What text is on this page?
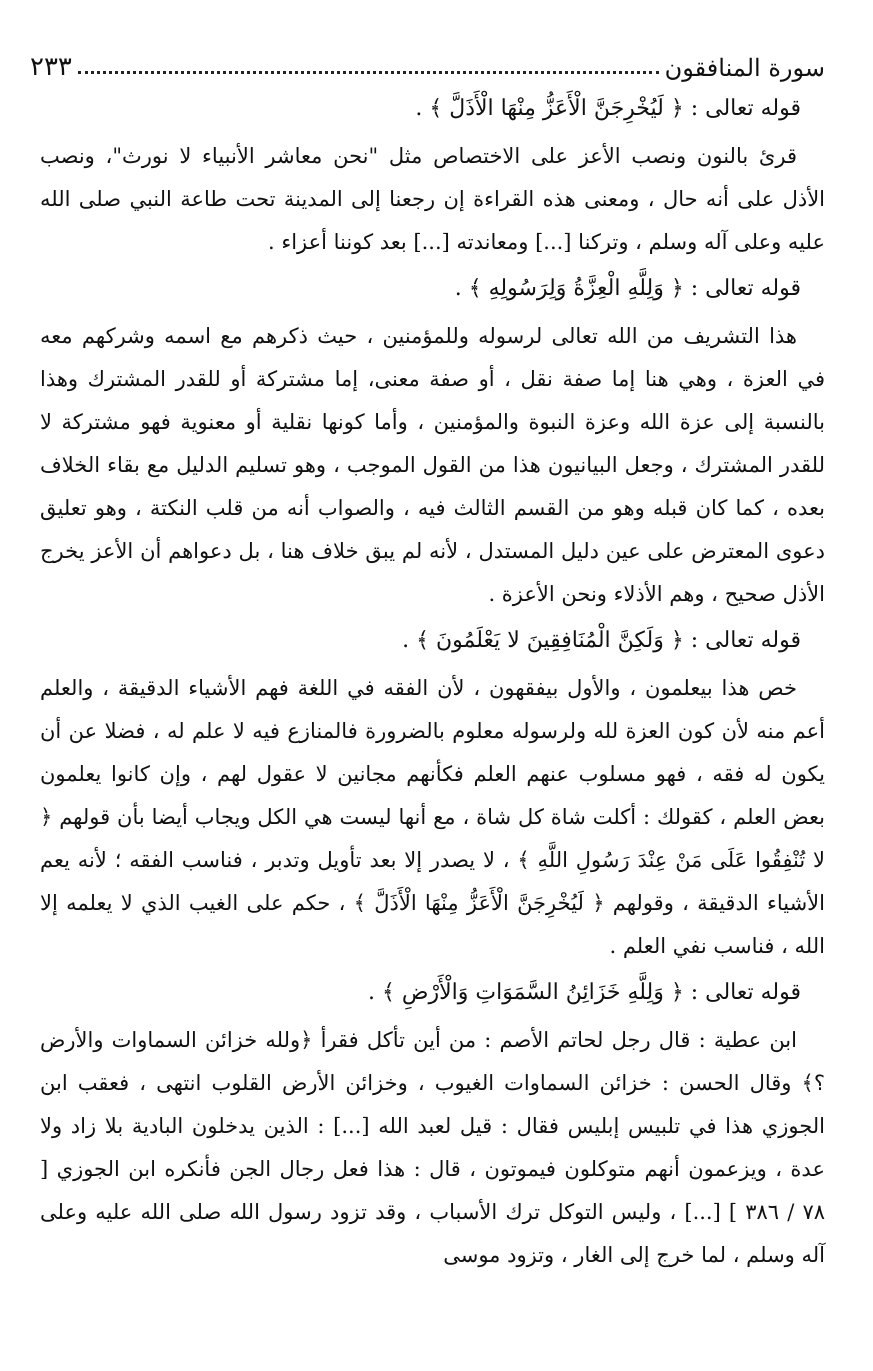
سورة المنافقون
٢٣٣
قوله تعالى : ﴿ لَيُخْرِجَنَّ الْأَعَزُّ مِنْهَا الْأَذَلَّ ﴾ .

قرئ بالنون ونصب الأعز على الاختصاص مثل "نحن معاشر الأنبياء لا نورث"، ونصب الأذل على أنه حال ، ومعنى هذه القراءة إن رجعنا إلى المدينة تحت طاعة النبي صلى الله عليه وعلى آله وسلم ، وتركنا [...] ومعاندته [...] بعد كوننا أعزاء .

قوله تعالى : ﴿ وَلِلَّهِ الْعِزَّةُ وَلِرَسُولِهِ ﴾ .

هذا التشريف من الله تعالى لرسوله وللمؤمنين ، حيث ذكرهم مع اسمه وشركهم معه في العزة ، وهي هنا إما صفة نقل ، أو صفة معنى، إما مشتركة أو للقدر المشترك وهذا بالنسبة إلى عزة الله وعزة النبوة والمؤمنين ، وأما كونها نقلية أو معنوية فهو مشتركة لا للقدر المشترك ، وجعل البيانيون هذا من القول الموجب ، وهو تسليم الدليل مع بقاء الخلاف بعده ، كما كان قبله وهو من القسم الثالث فيه ، والصواب أنه من قلب النكتة ، وهو تعليق دعوى المعترض على عين دليل المستدل ، لأنه لم يبق خلاف هنا ، بل دعواهم أن الأعز يخرج الأذل صحيح ، وهم الأذلاء ونحن الأعزة .

قوله تعالى : ﴿ وَلَكِنَّ الْمُنَافِقِينَ لا يَعْلَمُونَ ﴾ .

خص هذا بيعلمون ، والأول بيفقهون ، لأن الفقه في اللغة فهم الأشياء الدقيقة ، والعلم أعم منه لأن كون العزة لله ولرسوله معلوم بالضرورة فالمنازع فيه لا علم له ، فضلا عن أن يكون له فقه ، فهو مسلوب عنهم العلم فكأنهم مجانين لا عقول لهم ، وإن كانوا يعلمون بعض العلم ، كقولك : أكلت شاة كل شاة ، مع أنها ليست هي الكل ويجاب أيضا بأن قولهم ﴿ لا تُنْفِقُوا عَلَى مَنْ عِنْدَ رَسُولِ اللَّهِ ﴾ ، لا يصدر إلا بعد تأويل وتدبر ، فناسب الفقه ؛ لأنه يعم الأشياء الدقيقة ، وقولهم ﴿ لَيُخْرِجَنَّ الْأَعَزُّ مِنْهَا الْأَذَلَّ ﴾ ، حكم على الغيب الذي لا يعلمه إلا الله ، فناسب نفي العلم .

قوله تعالى : ﴿ وَلِلَّهِ خَزَائِنُ السَّمَوَاتِ وَالْأَرْضِ ﴾ .

ابن عطية : قال رجل لحاتم الأصم : من أين تأكل فقرأ ﴿ولله خزائن السماوات والأرض ؟﴾ وقال الحسن : خزائن السماوات الغيوب ، وخزائن الأرض القلوب انتهى ، فعقب ابن الجوزي هذا في تلبيس إبليس فقال : قيل لعبد الله [...] : الذين يدخلون البادية بلا زاد ولا عدة ، ويزعمون أنهم متوكلون فيموتون ، قال : هذا فعل رجال الجن فأنكره ابن الجوزي [ ٧٨ / ٣٨٦ ] [...] ، وليس التوكل ترك الأسباب ، وقد تزود رسول الله صلى الله عليه وعلى آله وسلم ، لما خرج إلى الغار ، وتزود موسى
